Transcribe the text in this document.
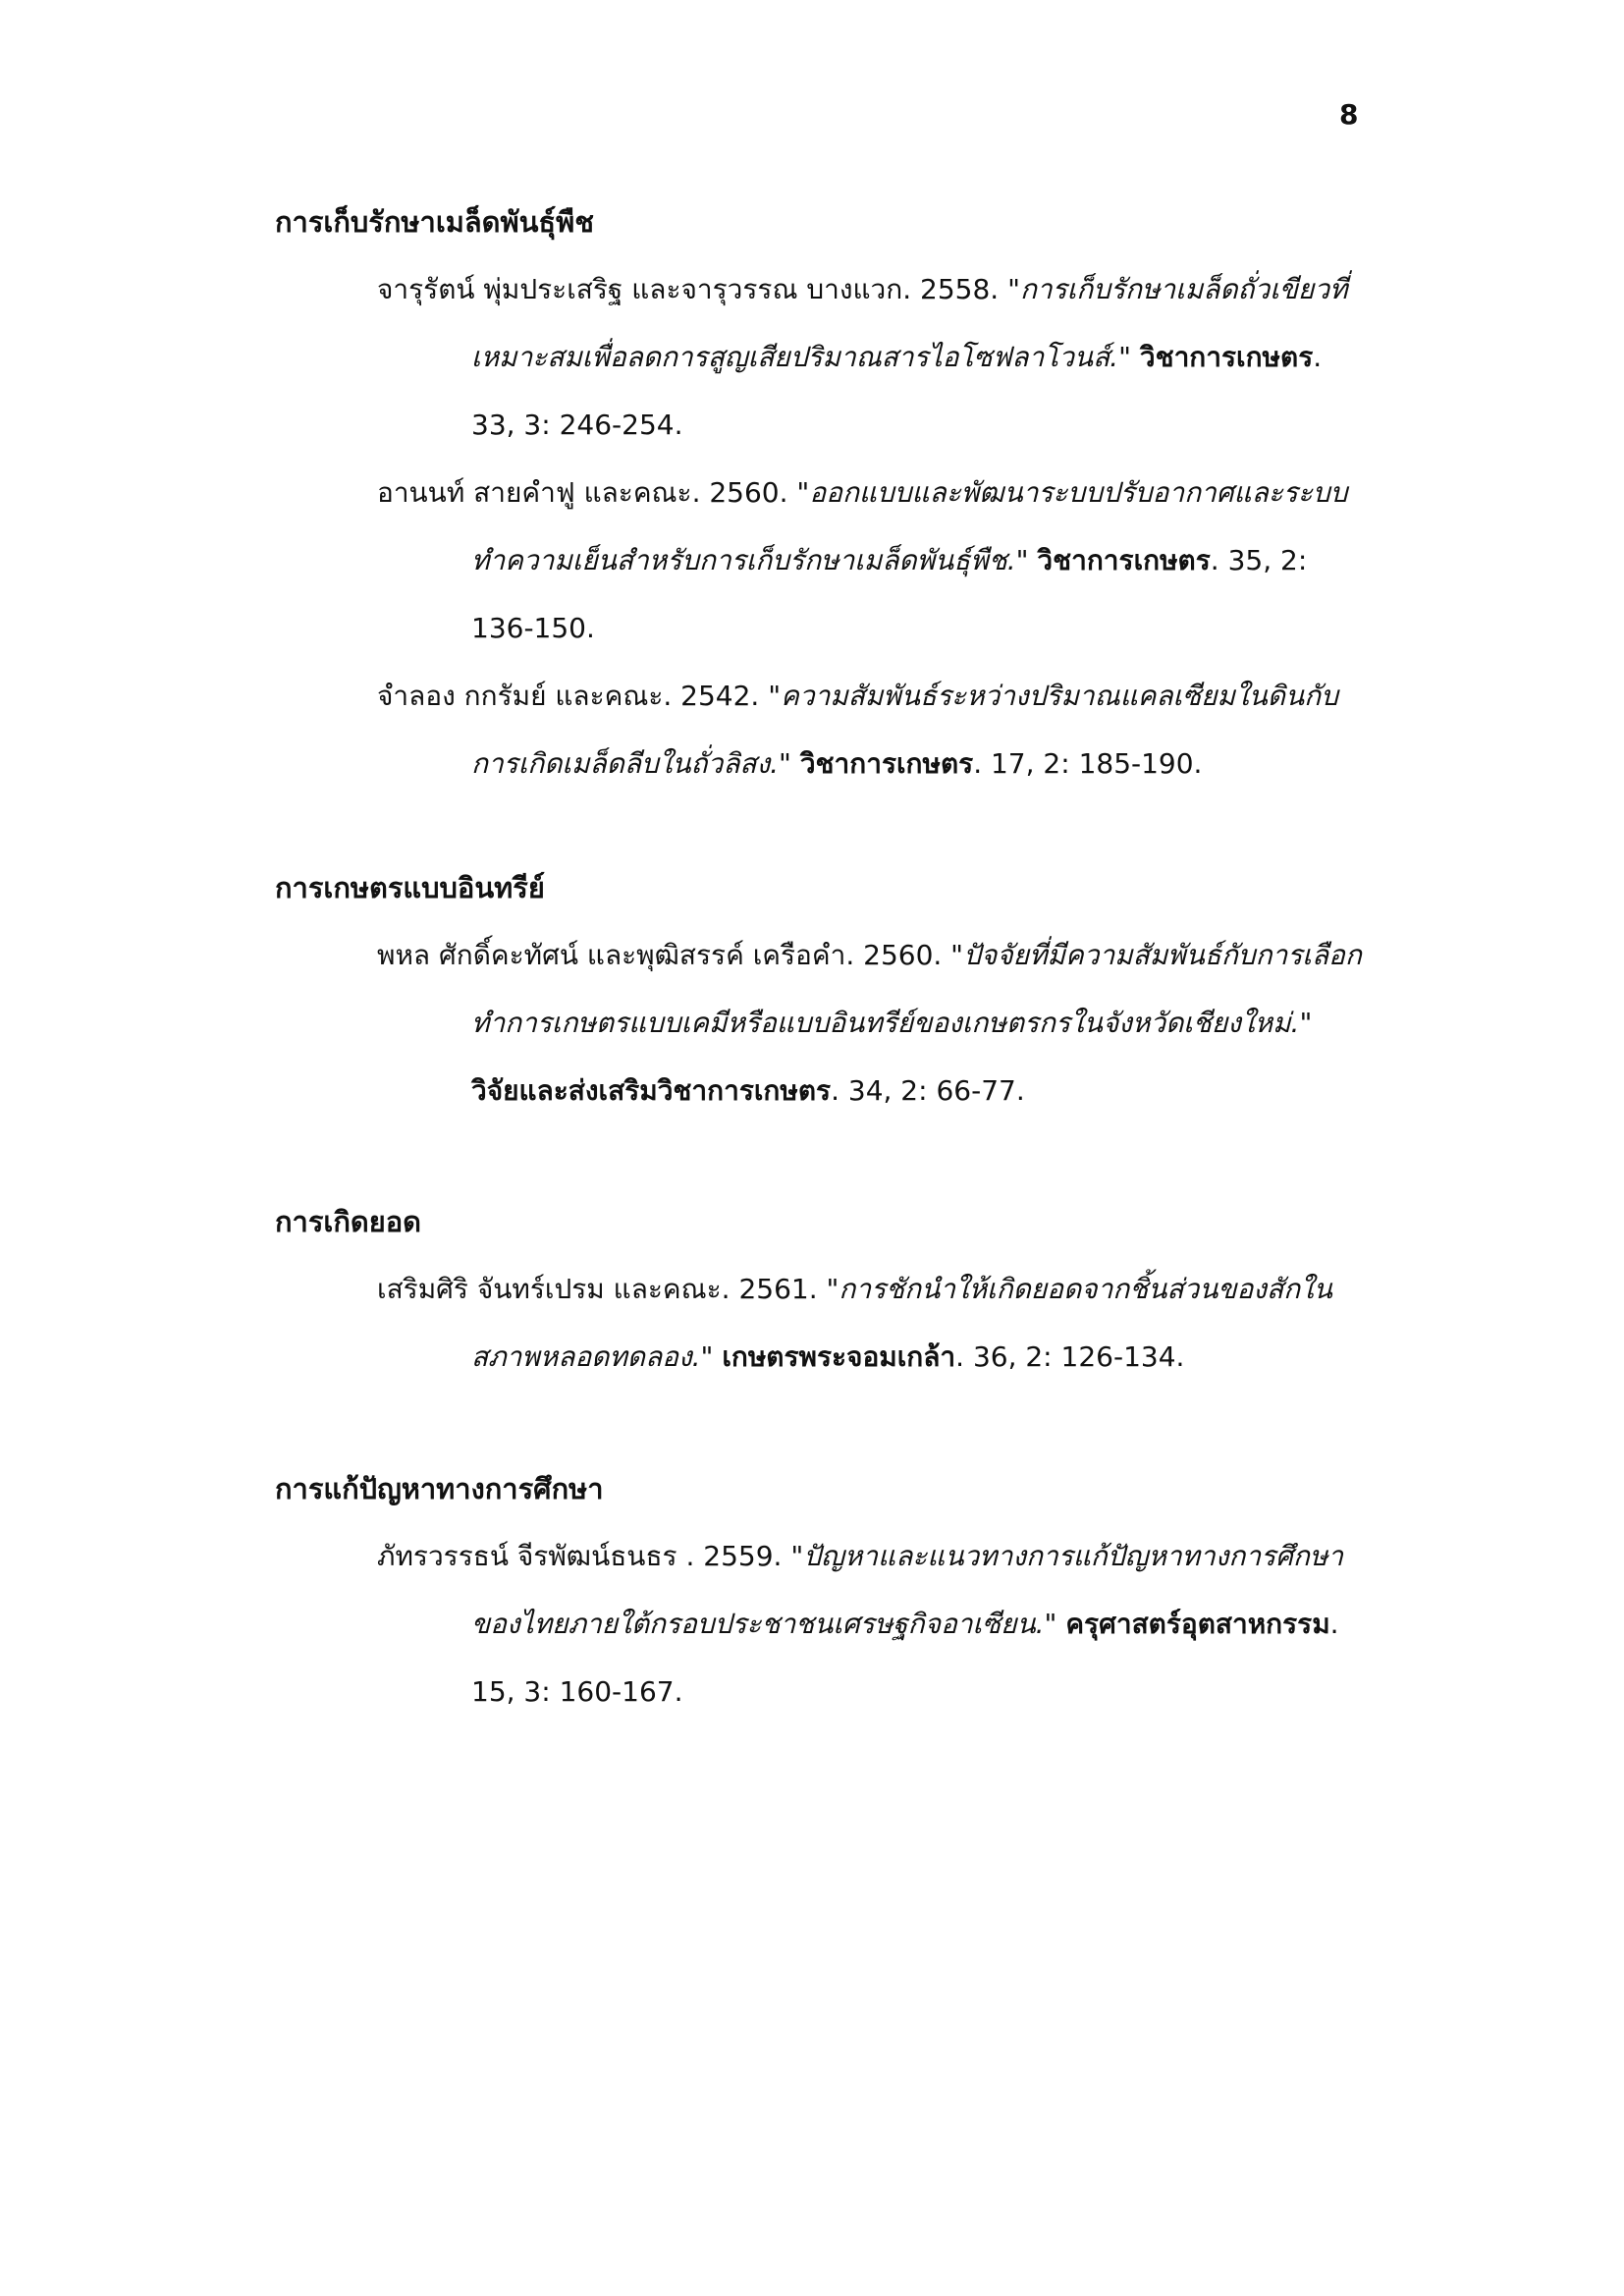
8
การเก็บรักษาเมล็ดพันธุ์พืช

จารุรัตน์ พุ่มประเสริฐ และจารุวรรณ บางแวก. 2558. "การเก็บรักษาเมล็ดถั่วเขียวที่เหมาะสมเพื่อลดการสูญเสียปริมาณสารไอโซฟลาโวนส์." วิชาการเกษตร. 33, 3: 246-254.

อานนท์ สายคำฟู และคณะ. 2560. "ออกแบบและพัฒนาระบบปรับอากาศและระบบทำความเย็นสำหรับการเก็บรักษาเมล็ดพันธุ์พืช." วิชาการเกษตร. 35, 2: 136-150.

จำลอง กกรัมย์ และคณะ. 2542. "ความสัมพันธ์ระหว่างปริมาณแคลเซียมในดินกับการเกิดเมล็ดลีบในถั่วลิสง." วิชาการเกษตร. 17, 2: 185-190.

การเกษตรแบบอินทรีย์

พหล ศักดิ์คะทัศน์ และพุฒิสรรค์ เครือคำ. 2560. "ปัจจัยที่มีความสัมพันธ์กับการเลือกทำการเกษตรแบบเคมีหรือแบบอินทรีย์ของเกษตรกรในจังหวัดเชียงใหม่." วิจัยและส่งเสริมวิชาการเกษตร. 34, 2: 66-77.

การเกิดยอด

เสริมศิริ จันทร์เปรม และคณะ. 2561. "การชักนำให้เกิดยอดจากชิ้นส่วนของสักในสภาพหลอดทดลอง." เกษตรพระจอมเกล้า. 36, 2: 126-134.

การแก้ปัญหาทางการศึกษา

ภัทรวรรธน์ จีรพัฒน์ธนธร . 2559. "ปัญหาและแนวทางการแก้ปัญหาทางการศึกษาของไทยภายใต้กรอบประชาชนเศรษฐกิจอาเซียน." ครุศาสตร์อุตสาหกรรม. 15, 3: 160-167.
